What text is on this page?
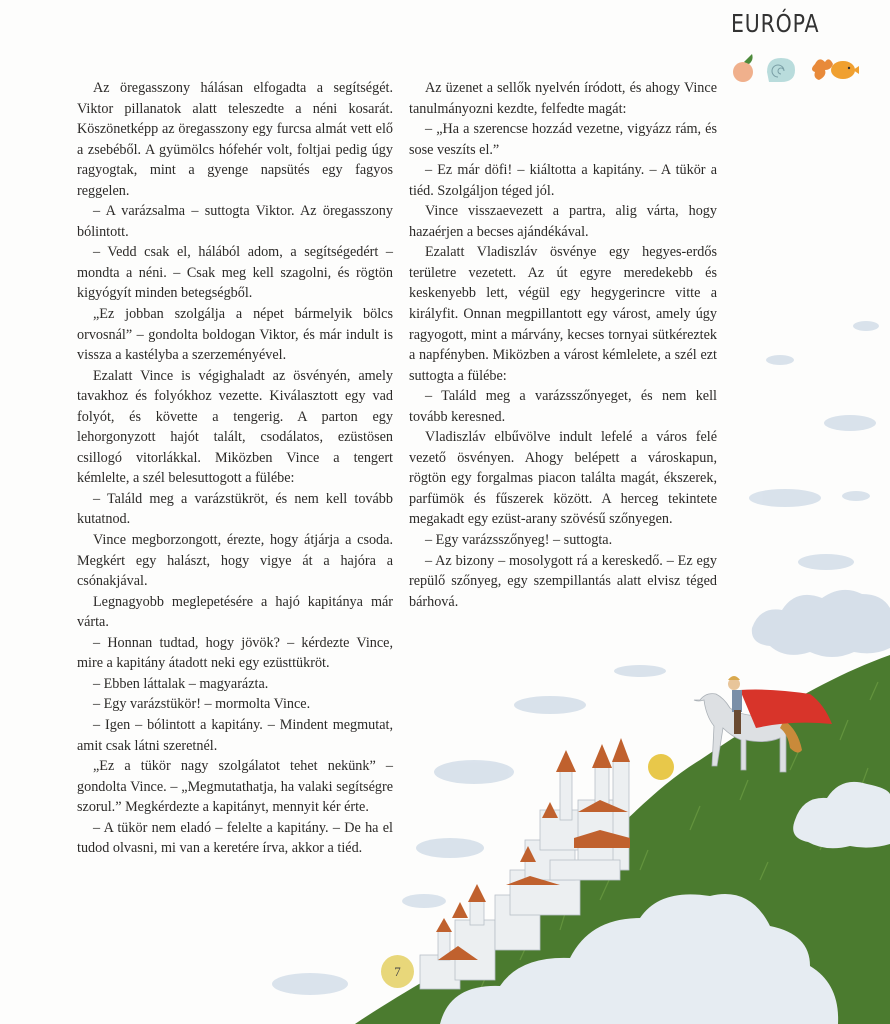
EURÓPA

Az öregasszony hálásan elfogadta a segítségét. Viktor pillanatok alatt teleszedte a néni kosarát. Köszönetképp az öregasszony egy furcsa almát vett elő a zsebéből. A gyümölcs hófehér volt, foltjai pedig úgy ragyogtak, mint a gyenge napsütés egy fagyos reggelen.

– A varázsalma – suttogta Viktor. Az öregasszony bólintott.

– Vedd csak el, hálából adom, a segítségedért – mondta a néni. – Csak meg kell szagolni, és rögtön kigyógyít minden betegségből.

„Ez jobban szolgálja a népet bármelyik bölcs orvosnál” – gondolta boldogan Viktor, és már indult is vissza a kastélyba a szerzeményével.

Ezalatt Vince is végighaladt az ösvényén, amely tavakhoz és folyókhoz vezette. Kiválasztott egy vad folyót, és követte a tengerig. A parton egy lehorgonyzott hajót talált, csodálatos, ezüstösen csillogó vitorlákkal. Miközben Vince a tengert kémlelte, a szél belesuttogott a fülébe:

– Találd meg a varázstükröt, és nem kell tovább kutatnod.

Vince megborzongott, érezte, hogy átjárja a csoda. Megkért egy halászt, hogy vigye át a hajóra a csónakjával.

Legnagyobb meglepetésére a hajó kapitánya már várta.

– Honnan tudtad, hogy jövök? – kérdezte Vince, mire a kapitány átadott neki egy ezüsttükröt.

– Ebben láttalak – magyarázta.

– Egy varázstükör! – mormolta Vince.

– Igen – bólintott a kapitány. – Mindent megmutat, amit csak látni szeretnél.

„Ez a tükör nagy szolgálatot tehet nekünk” – gondolta Vince. – „Megmutathatja, ha valaki segítségre szorul.” Megkérdezte a kapitányt, mennyit kér érte.

– A tükör nem eladó – felelte a kapitány. – De ha el tudod olvasni, mi van a keretére írva, akkor a tiéd.

Az üzenet a sellők nyelvén íródott, és ahogy Vince tanulmányozni kezdte, felfedte magát:

– „Ha a szerencse hozzád vezetne, vigyázz rám, és sose veszíts el.”

– Ez már döfi! – kiáltotta a kapitány. – A tükör a tiéd. Szolgáljon téged jól.

Vince visszaevezett a partra, alig várta, hogy hazaérjen a becses ajándékával.

Ezalatt Vladiszláv ösvénye egy hegyes-erdős területre vezetett. Az út egyre meredekebb és keskenyebb lett, végül egy hegygerincre vitte a királyfit. Onnan megpillantott egy várost, amely úgy ragyogott, mint a márvány, kecses tornyai sütkéreztek a napfényben. Miközben a várost kémlelete, a szél ezt suttogta a fülébe:

– Találd meg a varázsszőnyeget, és nem kell tovább keresned.

Vladiszláv elbűvölve indult lefelé a város felé vezető ösvényen. Ahogy belépett a városkapun, rögtön egy forgalmas piacon találta magát, ékszerek, parfümök és fűszerek között. A herceg tekintete megakadt egy ezüst-arany szövésű szőnyegen.

– Egy varázsszőnyeg! – suttogta.

– Az bizony – mosolygott rá a kereskedő. – Ez egy repülő szőnyeg, egy szempillantás alatt elvisz téged bárhová.

7
